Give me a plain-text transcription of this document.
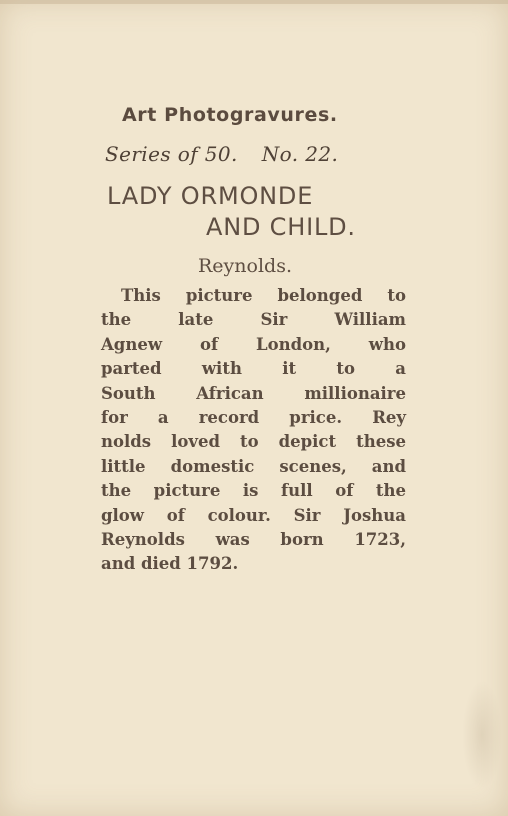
Art Photogravures.
Series of 50. No. 22.
LADY ORMONDE
AND CHILD.
Reynolds.
This picture belonged to
the late Sir William
Agnew of London, who
parted with it to a
South African millionaire
for a record price. Rey
nolds loved to depict these
little domestic scenes, and
the picture is full of the
glow of colour. Sir Joshua
Reynolds was born 1723,
and died 1792.
